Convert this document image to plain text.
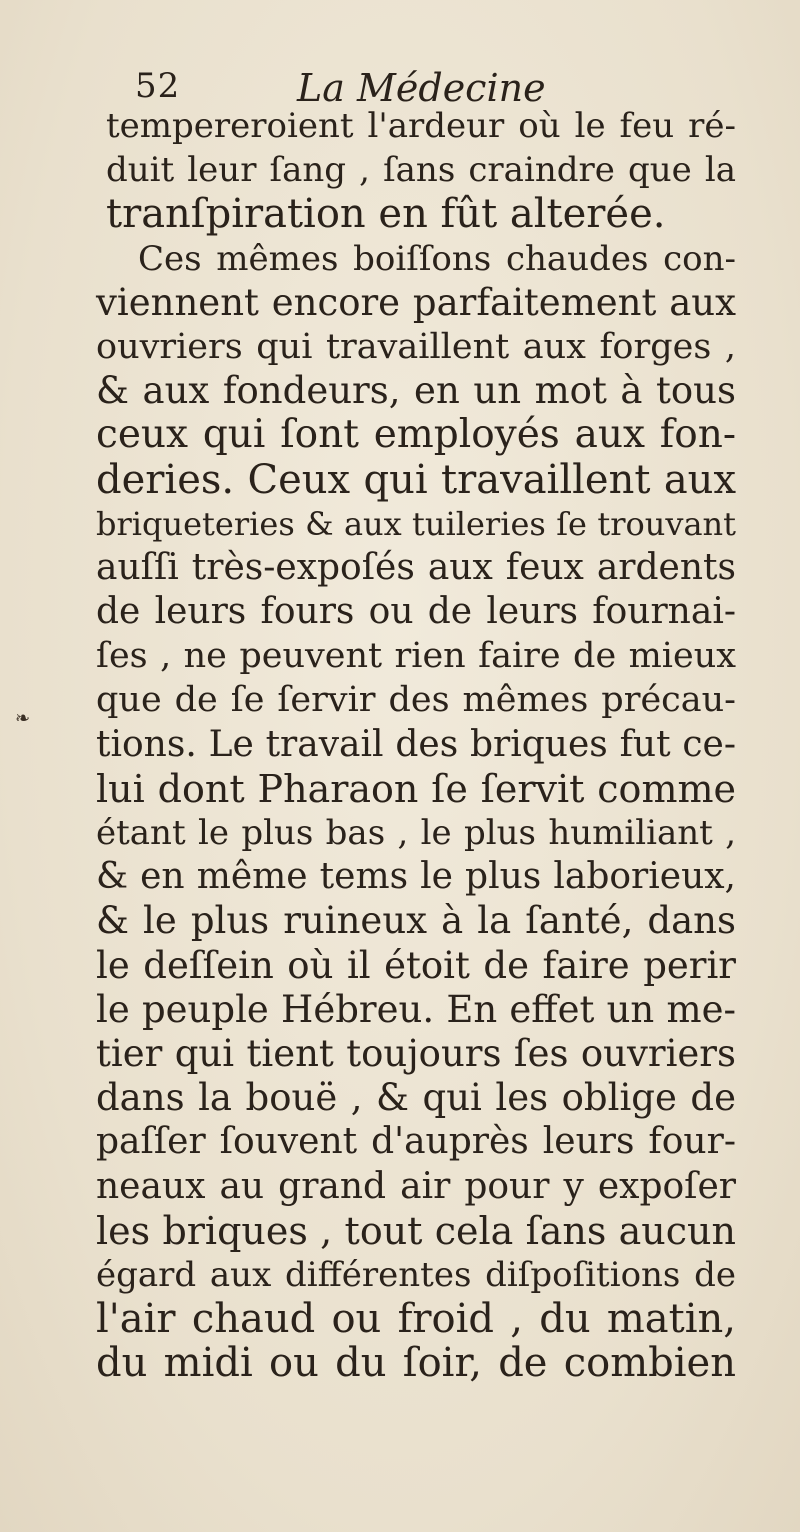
52	La Médecine
❧
tempereroient l'ardeur où le feu ré-
duit leur ſang , ſans craindre que la
tranſpiration en fût alterée.
Ces mêmes boiſſons chaudes con-
viennent encore parfaitement aux
ouvriers qui travaillent aux forges ,
& aux fondeurs, en un mot à tous
ceux qui ſont employés aux fon-
deries. Ceux qui travaillent aux
briqueteries & aux tuileries ſe trouvant
auſſi très-expoſés aux feux ardents
de leurs fours ou de leurs fournai-
ſes , ne peuvent rien faire de mieux
que de ſe ſervir des mêmes précau-
tions. Le travail des briques fut ce-
lui dont Pharaon ſe ſervit comme
étant le plus bas , le plus humiliant ,
& en même tems le plus laborieux,
& le plus ruineux à la ſanté, dans
le deſſein où il étoit de faire perir
le peuple Hébreu. En effet un me-
tier qui tient toujours ſes ouvriers
dans la bouë , & qui les oblige de
paſſer ſouvent d'auprès leurs four-
neaux au grand air pour y expoſer
les briques , tout cela ſans aucun
égard aux différentes diſpoſitions de
l'air chaud ou froid , du matin,
du midi ou du ſoir, de combien
